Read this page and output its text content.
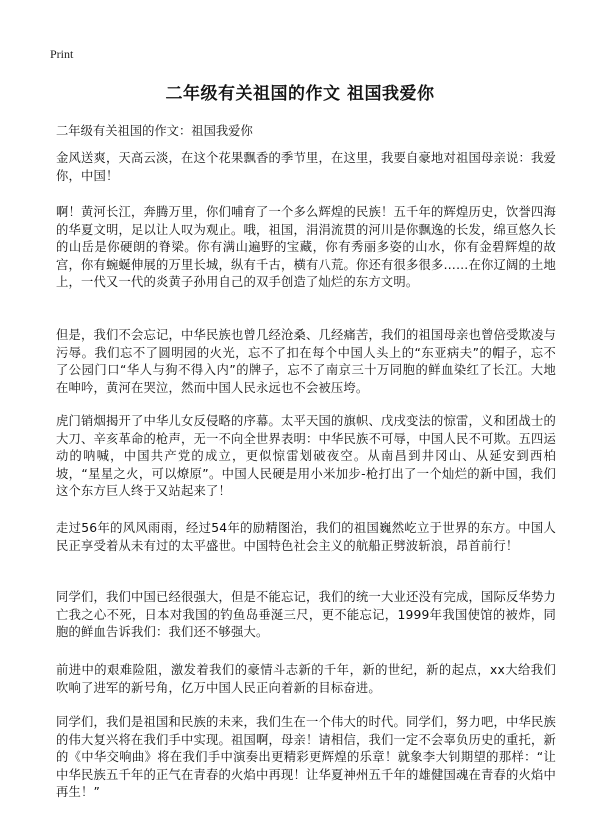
Print
二年级有关祖国的作文 祖国我爱你

二年级有关祖国的作文：祖国我爱你

金风送爽，天高云淡，在这个花果飘香的季节里，在这里，我要自豪地对祖国母亲说：我爱你，中国！

啊！黄河长江，奔腾万里，你们哺育了一个多么辉煌的民族！五千年的辉煌历史，饮誉四海的华夏文明，足以让人叹为观止。哦，祖国，涓涓流贯的河川是你飘逸的长发，绵亘悠久长的山岳是你硬朗的脊梁。你有满山遍野的宝藏，你有秀丽多姿的山水，你有金碧辉煌的故宫，你有蜿蜒伸展的万里长城，纵有千古，横有八荒。你还有很多很多……在你辽阔的土地上，一代又一代的炎黄子孙用自己的双手创造了灿烂的东方文明。

但是，我们不会忘记，中华民族也曾几经沧桑、几经痛苦，我们的祖国母亲也曾倍受欺凌与污辱。我们忘不了圆明园的火光，忘不了扣在每个中国人头上的“东亚病夫”的帽子，忘不了公园门口“华人与狗不得入内”的牌子，忘不了南京三十万同胞的鲜血染红了长江。大地在呻吟，黄河在哭泣，然而中国人民永远也不会被压垮。

虎门销烟揭开了中华儿女反侵略的序幕。太平天国的旗帜、戊戌变法的惊雷，义和团战士的大刀、辛亥革命的枪声，无一不向全世界表明：中华民族不可辱，中国人民不可欺。五四运动的呐喊，中国共产党的成立，更似惊雷划破夜空。从南昌到井冈山、从延安到西柏坡，“星星之火，可以燎原”。中国人民硬是用小米加步-枪打出了一个灿烂的新中国，我们这个东方巨人终于又站起来了！

走过56年的风风雨雨，经过54年的励精图治，我们的祖国巍然屹立于世界的东方。中国人民正享受着从未有过的太平盛世。中国特色社会主义的航船正劈波斩浪，昂首前行！

同学们，我们中国已经很强大，但是不能忘记，我们的统一大业还没有完成，国际反华势力亡我之心不死，日本对我国的钓鱼岛垂涎三尺，更不能忘记，1999年我国使馆的被炸，同胞的鲜血告诉我们：我们还不够强大。

前进中的艰难险阻，激发着我们的豪情斗志新的千年，新的世纪，新的起点，xx大给我们吹响了进军的新号角，亿万中国人民正向着新的目标奋进。

同学们，我们是祖国和民族的未来，我们生在一个伟大的时代。同学们，努力吧，中华民族的伟大复兴将在我们手中实现。祖国啊，母亲！请相信，我们一定不会辜负历史的重托，新的《中华交响曲》将在我们手中演奏出更精彩更辉煌的乐章！就象李大钊期望的那样：“让中华民族五千年的正气在青春的火焰中再现！让华夏神州五千年的雄健国魂在青春的火焰中再生！”
